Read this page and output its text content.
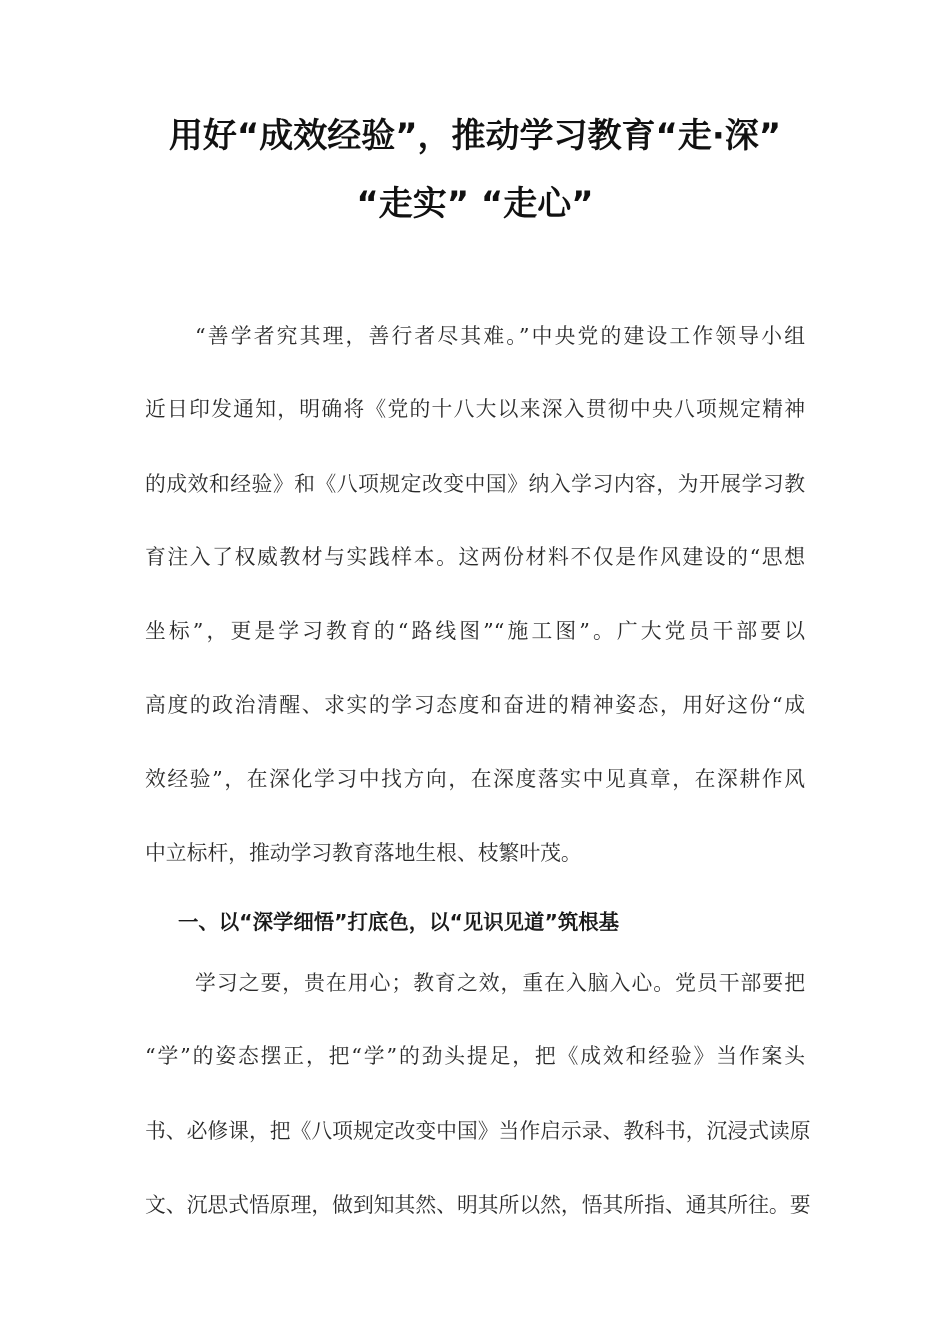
用好“成效经验”，推动学习教育“走·深”
“走实” “走心”
“善学者究其理，善行者尽其难。”中央党的建设工作领导小组
近日印发通知，明确将《党的十八大以来深入贯彻中央八项规定精神
的成效和经验》和《八项规定改变中国》纳入学习内容，为开展学习教
育注入了权威教材与实践样本。这两份材料不仅是作风建设的“思想
坐标”，更是学习教育的“路线图”“施工图”。广大党员干部要以
高度的政治清醒、求实的学习态度和奋进的精神姿态，用好这份“成
效经验”，在深化学习中找方向，在深度落实中见真章，在深耕作风
中立标杆，推动学习教育落地生根、枝繁叶茂。
一、以“深学细悟”打底色，以“见识见道”筑根基
学习之要，贵在用心；教育之效，重在入脑入心。党员干部要把
“学”的姿态摆正，把“学”的劲头提足，把《成效和经验》当作案头
书、必修课，把《八项规定改变中国》当作启示录、教科书，沉浸式读原
文、沉思式悟原理，做到知其然、明其所以然，悟其所指、通其所往。要
